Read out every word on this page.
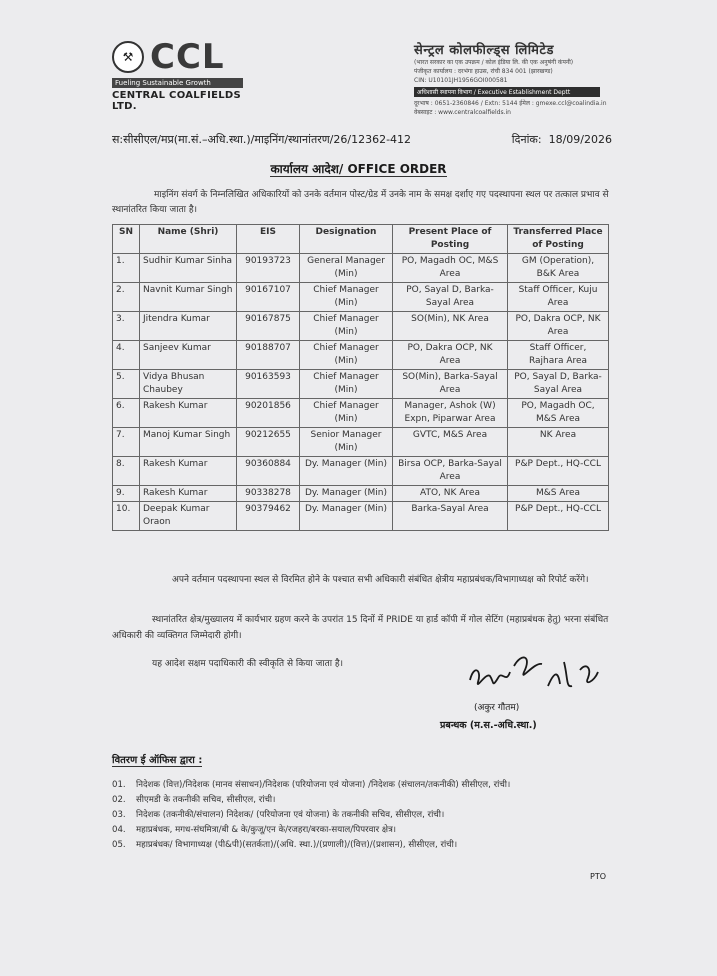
⚒ CCL
Fueling Sustainable Growth
CENTRAL COALFIELDS LTD.
सेन्ट्रल कोलफील्ड्स लिमिटेड
(भारत सरकार का एक उपक्रम / कोल इंडिया लि. की एक अनुषंगी कंपनी)
पंजीकृत कार्यालय : दरभंगा हाउस, रांची 834 001 (झारखण्ड)
CIN: U10101JH1956GOI000581
अधिशासी स्थापना विभाग / Executive Establishment Deptt
दूरभाष : 0651-2360846 / Extn: 5144 ईमेल : gmexe.ccl@coalindia.in
वेबसाइट : www.centralcoalfields.in
स:सीसीएल/मप्र(मा.सं.–अधि.स्था.)/माइनिंग/स्थानांतरण/26/12362-412	दिनांक: 18/09/2026
कार्यालय आदेश/ OFFICE ORDER
माइनिंग संवर्ग के निम्नलिखित अधिकारियों को उनके वर्तमान पोस्ट/ग्रेड में उनके नाम के समक्ष दर्शाए गए पदस्थापना स्थल पर तत्काल प्रभाव से स्थानांतरित किया जाता है।
SN	Name (Shri)	EIS	Designation	Present Place of Posting	Transferred Place of Posting
1.	Sudhir Kumar Sinha	90193723	General Manager (Min)	PO, Magadh OC, M&S Area	GM (Operation), B&K Area
2.	Navnit Kumar Singh	90167107	Chief Manager (Min)	PO, Sayal D, Barka-Sayal Area	Staff Officer, Kuju Area
3.	Jitendra Kumar	90167875	Chief Manager (Min)	SO(Min), NK Area	PO, Dakra OCP, NK Area
4.	Sanjeev Kumar	90188707	Chief Manager (Min)	PO, Dakra OCP, NK Area	Staff Officer, Rajhara Area
5.	Vidya Bhusan Chaubey	90163593	Chief Manager (Min)	SO(Min), Barka-Sayal Area	PO, Sayal D, Barka-Sayal Area
6.	Rakesh Kumar	90201856	Chief Manager (Min)	Manager, Ashok (W) Expn, Piparwar Area	PO, Magadh OC, M&S Area
7.	Manoj Kumar Singh	90212655	Senior Manager (Min)	GVTC, M&S Area	NK Area
8.	Rakesh Kumar	90360884	Dy. Manager (Min)	Birsa OCP, Barka-Sayal Area	P&P Dept., HQ-CCL
9.	Rakesh Kumar	90338278	Dy. Manager (Min)	ATO, NK Area	M&S Area
10.	Deepak Kumar Oraon	90379462	Dy. Manager (Min)	Barka-Sayal Area	P&P Dept., HQ-CCL
अपने वर्तमान पदस्थापना स्थल से विरमित होने के पश्चात सभी अधिकारी संबंधित क्षेत्रीय महाप्रबंधक/विभागाध्यक्ष को रिपोर्ट करेंगे।
स्थानांतरित क्षेत्र/मुख्यालय में कार्यभार ग्रहण करने के उपरांत 15 दिनों में PRIDE या हार्ड कॉपी में गोल सेटिंग (महाप्रबंधक हेतु) भरना संबंधित अधिकारी की व्यक्तिगत जिम्मेदारी होगी।
यह आदेश सक्षम पदाधिकारी की स्वीकृति से किया जाता है।
(अकुर गौतम)
प्रबन्धक (म.स.-अधि.स्था.)
वितरण ई ऑफिस द्वारा :
01.	निदेशक (वित्त)/निदेशक (मानव संसाधन)/निदेशक (परियोजना एवं योजना) /निदेशक (संचालन/तकनीकी) सीसीएल, रांची।
02.	सीएमडी के तकनीकी सचिव, सीसीएल, रांची।
03.	निदेशक (तकनीकी/संचालन) निदेशक/ (परियोजना एवं योजना) के तकनीकी सचिव, सीसीएल, रांची।
04.	महाप्रबंधक, मगध-संघमित्रा/बी & के/कुजू/एन के/रजहरा/बरका-सयाल/पिपरवार क्षेत्र।
05.	महाप्रबंधक/ विभागाध्यक्ष (पी&पी)(सतर्कता)/(अधि. स्था.)/(प्रणाली)/(वित्त)/(प्रशासन), सीसीएल, रांची।
PTO
